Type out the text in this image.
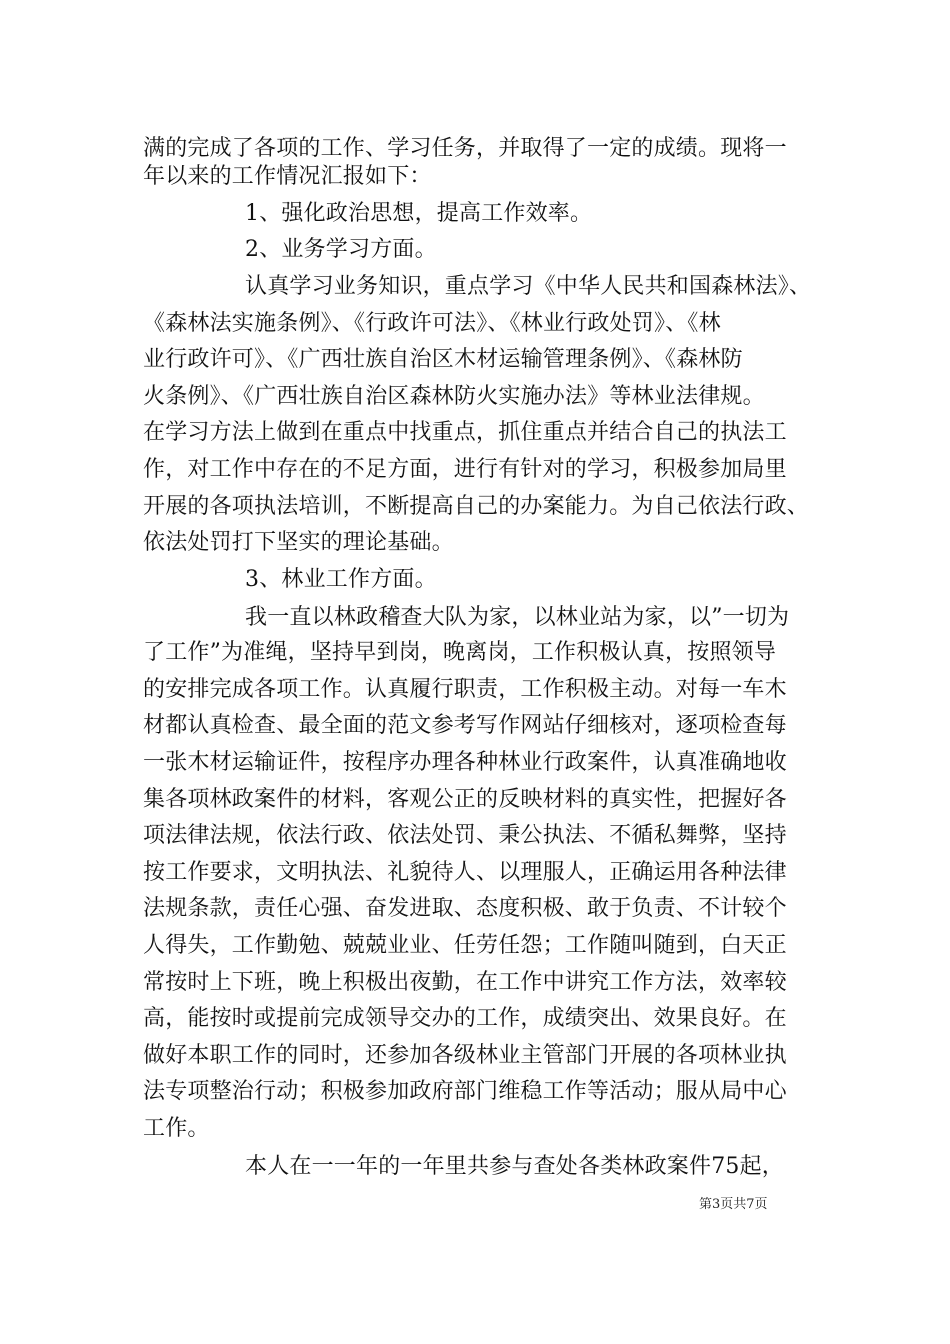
满的完成了各项的工作、学习任务，并取得了一定的成绩。现将一
年以来的工作情况汇报如下：
1、强化政治思想，提高工作效率。
2、业务学习方面。
认真学习业务知识，重点学习《中华人民共和国森林法》、
《森林法实施条例》、《行政许可法》、《林业行政处罚》、《林
业行政许可》、《广西壮族自治区木材运输管理条例》、《森林防
火条例》、《广西壮族自治区森林防火实施办法》等林业法律规。
在学习方法上做到在重点中找重点，抓住重点并结合自己的执法工
作，对工作中存在的不足方面，进行有针对的学习，积极参加局里
开展的各项执法培训，不断提高自己的办案能力。为自己依法行政、
依法处罚打下坚实的理论基础。
3、林业工作方面。
我一直以林政稽查大队为家，以林业站为家，以”一切为
了工作”为准绳，坚持早到岗，晚离岗，工作积极认真，按照领导
的安排完成各项工作。认真履行职责，工作积极主动。对每一车木
材都认真检查、最全面的范文参考写作网站仔细核对，逐项检查每
一张木材运输证件，按程序办理各种林业行政案件，认真准确地收
集各项林政案件的材料，客观公正的反映材料的真实性，把握好各
项法律法规，依法行政、依法处罚、秉公执法、不循私舞弊，坚持
按工作要求，文明执法、礼貌待人、以理服人，正确运用各种法律
法规条款，责任心强、奋发进取、态度积极、敢于负责、不计较个
人得失，工作勤勉、兢兢业业、任劳任怨；工作随叫随到，白天正
常按时上下班，晚上积极出夜勤，在工作中讲究工作方法，效率较
高，能按时或提前完成领导交办的工作，成绩突出、效果良好。在
做好本职工作的同时，还参加各级林业主管部门开展的各项林业执
法专项整治行动；积极参加政府部门维稳工作等活动；服从局中心
工作。
本人在一一年的一年里共参与查处各类林政案件75起，
第3页共7页
